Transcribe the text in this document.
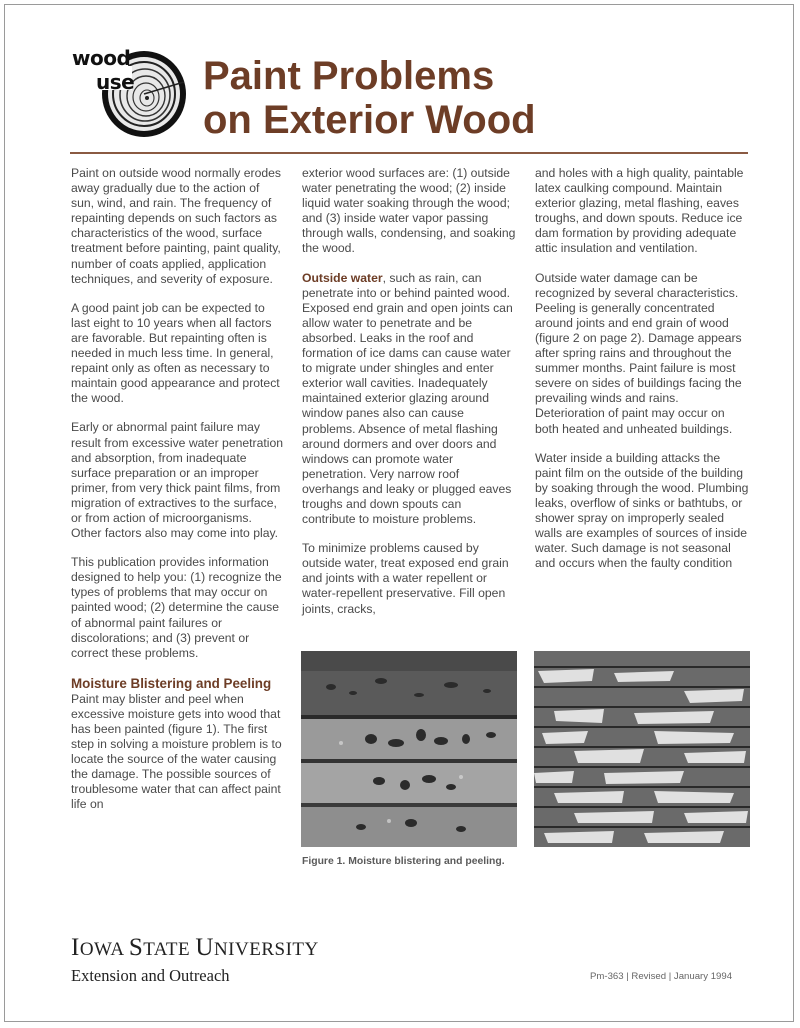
wood
use Paint Problems
on Exterior Wood

Paint on outside wood normally erodes away gradually due to the action of sun, wind, and rain. The frequency of repainting depends on such factors as characteristics of the wood, surface treatment before painting, paint quality, number of coats applied, application techniques, and severity of exposure.

A good paint job can be expected to last eight to 10 years when all factors are favorable. But repainting often is needed in much less time. In general, repaint only as often as necessary to maintain good appearance and protect the wood.

Early or abnormal paint failure may result from excessive water penetration and absorption, from inadequate surface preparation or an improper primer, from very thick paint films, from migration of extractives to the surface, or from action of microorganisms. Other factors also may come into play.

This publication provides information designed to help you: (1) recognize the types of problems that may occur on painted wood; (2) determine the cause of abnormal paint failures or discolorations; and (3) prevent or correct these problems.

Moisture Blistering and Peeling

Paint may blister and peel when excessive moisture gets into wood that has been painted (figure 1). The first step in solving a moisture problem is to locate the source of the water causing the damage. The possible sources of troublesome water that can affect paint life on

exterior wood surfaces are: (1) outside water penetrating the wood; (2) inside liquid water soaking through the wood; and (3) inside water vapor passing through walls, condensing, and soaking the wood.

Outside water, such as rain, can penetrate into or behind painted wood. Exposed end grain and open joints can allow water to penetrate and be absorbed. Leaks in the roof and formation of ice dams can cause water to migrate under shingles and enter exterior wall cavities. Inadequately maintained exterior glazing around window panes also can cause problems. Absence of metal flashing around dormers and over doors and windows can promote water penetration. Very narrow roof overhangs and leaky or plugged eaves troughs and down spouts can contribute to moisture problems.

To minimize problems caused by outside water, treat exposed end grain and joints with a water repellent or water-repellent preservative. Fill open joints, cracks,

and holes with a high quality, paintable latex caulking compound. Maintain exterior glazing, metal flashing, eaves troughs, and down spouts. Reduce ice dam formation by providing adequate attic insulation and ventilation.

Outside water damage can be recognized by several characteristics. Peeling is generally concentrated around joints and end grain of wood (figure 2 on page 2). Damage appears after spring rains and throughout the summer months. Paint failure is most severe on sides of buildings facing the prevailing winds and rains. Deterioration of paint may occur on both heated and unheated buildings.

Water inside a building attacks the paint film on the outside of the building by soaking through the wood. Plumbing leaks, overflow of sinks or bathtubs, or shower spray on improperly sealed walls are examples of sources of inside water. Such damage is not seasonal and occurs when the faulty condition

Figure 1. Moisture blistering and peeling.
IOWA STATE UNIVERSITY
Extension and Outreach	Pm-363 | Revised | January 1994
